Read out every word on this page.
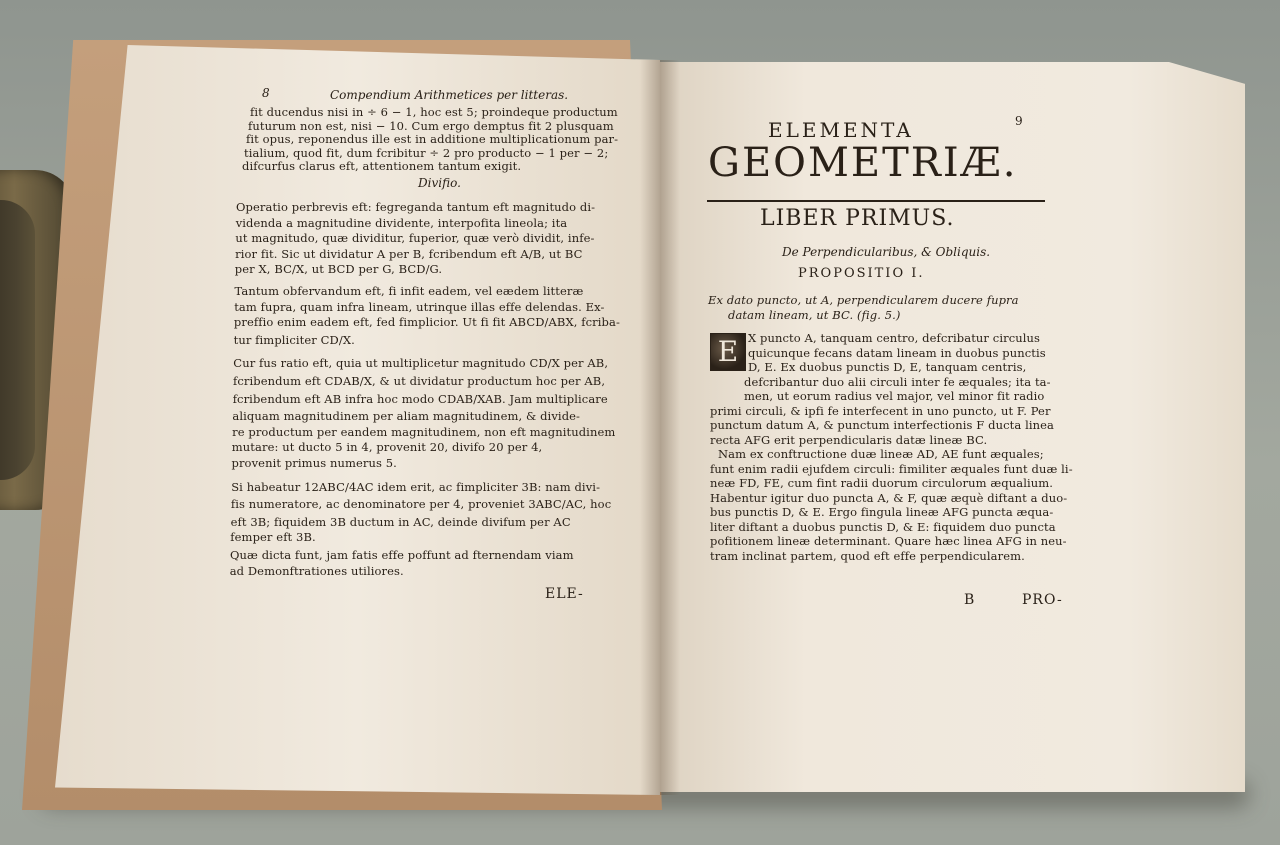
8	Compendium Arithmetices per litteras.
fit ducendus nisi in ÷ 6 − 1, hoc est 5; proindeque productum
futurum non est, nisi − 10. Cum ergo demptus fit 2 plusquam
fit opus, reponendus ille est in additione multiplicationum par-
tialium, quod fit, dum fcribitur ÷ 2 pro producto − 1 per − 2;
difcurfus clarus eft, attentionem tantum exigit.
Divifio.
Operatio perbrevis eft: fegreganda tantum eft magnitudo di-
videnda a magnitudine dividente, interpofita lineola; ita
ut magnitudo, quæ dividitur, fuperior, quæ verò dividit, infe-
rior fit. Sic ut dividatur A per B, fcribendum eft A/B, ut BC
per X, BC/X, ut BCD per G, BCD/G.
Tantum obfervandum eft, fi infit eadem, vel eædem litteræ
tam fupra, quam infra lineam, utrinque illas effe delendas. Ex-
preffio enim eadem eft, fed fimplicior. Ut fi fit ABCD/ABX, fcriba-
tur fimpliciter CD/X.
Cur fus ratio eft, quia ut multiplicetur magnitudo CD/X per AB,
fcribendum eft CDAB/X, & ut dividatur productum hoc per AB,
fcribendum eft AB infra hoc modo CDAB/XAB. Jam multiplicare
aliquam magnitudinem per aliam magnitudinem, & divide-
re productum per eandem magnitudinem, non eft magnitudinem
mutare: ut ducto 5 in 4, provenit 20, divifo 20 per 4,
provenit primus numerus 5.
Si habeatur 12ABC/4AC idem erit, ac fimpliciter 3B: nam divi-
fis numeratore, ac denominatore per 4, proveniet 3ABC/AC, hoc
eft 3B; fiquidem 3B ductum in AC, deinde divifum per AC
femper eft 3B.
Quæ dicta funt, jam fatis effe poffunt ad fternendam viam
ad Demonftrationes utiliores.
ELE-
9
ELEMENTA
GEOMETRIÆ.
LIBER PRIMUS.
De Perpendicularibus, & Obliquis.
PROPOSITIO I.
Ex dato puncto, ut A, perpendicularem ducere fupra
datam lineam, ut BC. (fig. 5.)
E X puncto A, tanquam centro, defcribatur circulus
quicunque fecans datam lineam in duobus punctis
D, E. Ex duobus punctis D, E, tanquam centris,
defcribantur duo alii circuli inter fe æquales; ita ta-
men, ut eorum radius vel major, vel minor fit radio
primi circuli, & ipfi fe interfecent in uno puncto, ut F. Per
punctum datum A, & punctum interfectionis F ducta linea
recta AFG erit perpendicularis datæ lineæ BC.
Nam ex conftructione duæ lineæ AD, AE funt æquales;
funt enim radii ejufdem circuli: fimiliter æquales funt duæ li-
neæ FD, FE, cum fint radii duorum circulorum æqualium.
Habentur igitur duo puncta A, & F, quæ æquè diftant a duo-
bus punctis D, & E. Ergo fingula lineæ AFG puncta æqua-
liter diftant a duobus punctis D, & E: fiquidem duo puncta
pofitionem lineæ determinant. Quare hæc linea AFG in neu-
tram inclinat partem, quod eft effe perpendicularem.
B	PRO-
